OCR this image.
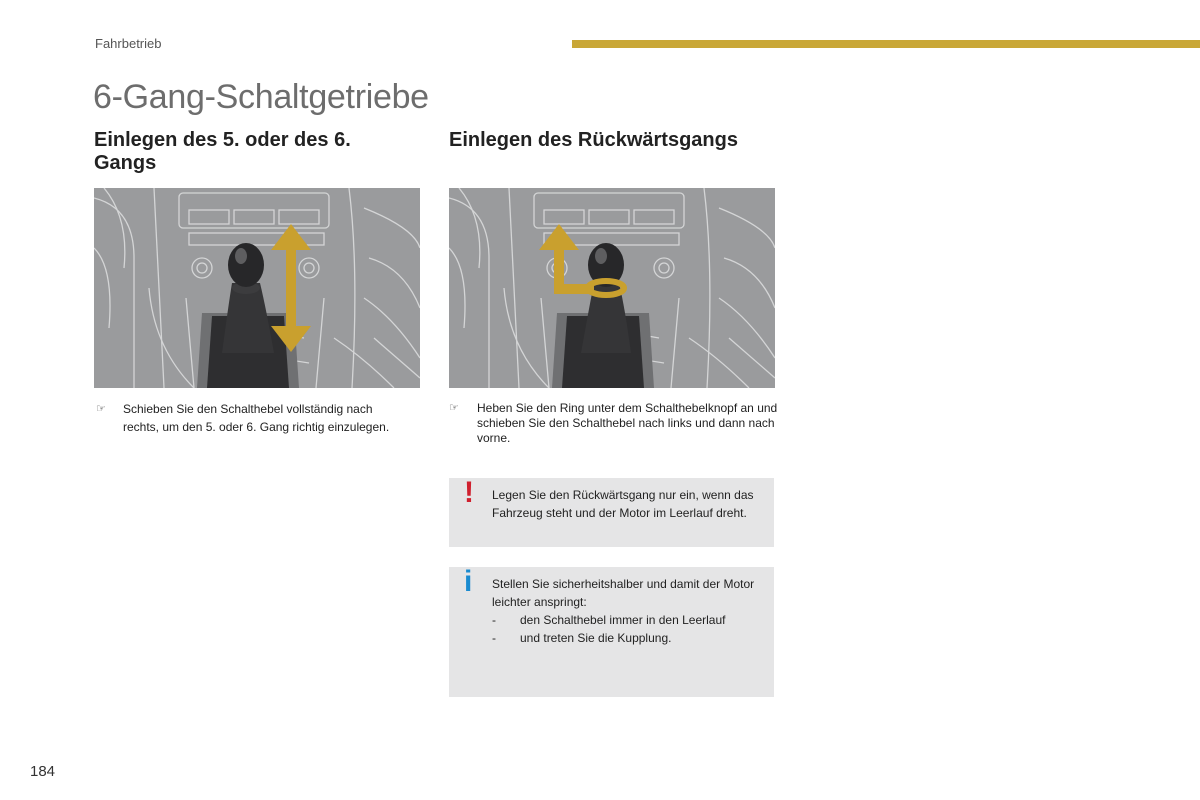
Fahrbetrieb
6-Gang-Schaltgetriebe
Einlegen des 5. oder des 6. Gangs
Einlegen des Rückwärtsgangs
☞ Schieben Sie den Schalthebel vollständig nach rechts, um den 5. oder 6. Gang richtig einzulegen.
☞ Heben Sie den Ring unter dem Schalthebelknopf an und schieben Sie den Schalthebel nach links und dann nach vorne.
! Legen Sie den Rückwärtsgang nur ein, wenn das Fahrzeug steht und der Motor im Leerlauf dreht.
i Stellen Sie sicherheitshalber und damit der Motor leichter anspringt:
- den Schalthebel immer in den Leerlauf
- und treten Sie die Kupplung.
184
